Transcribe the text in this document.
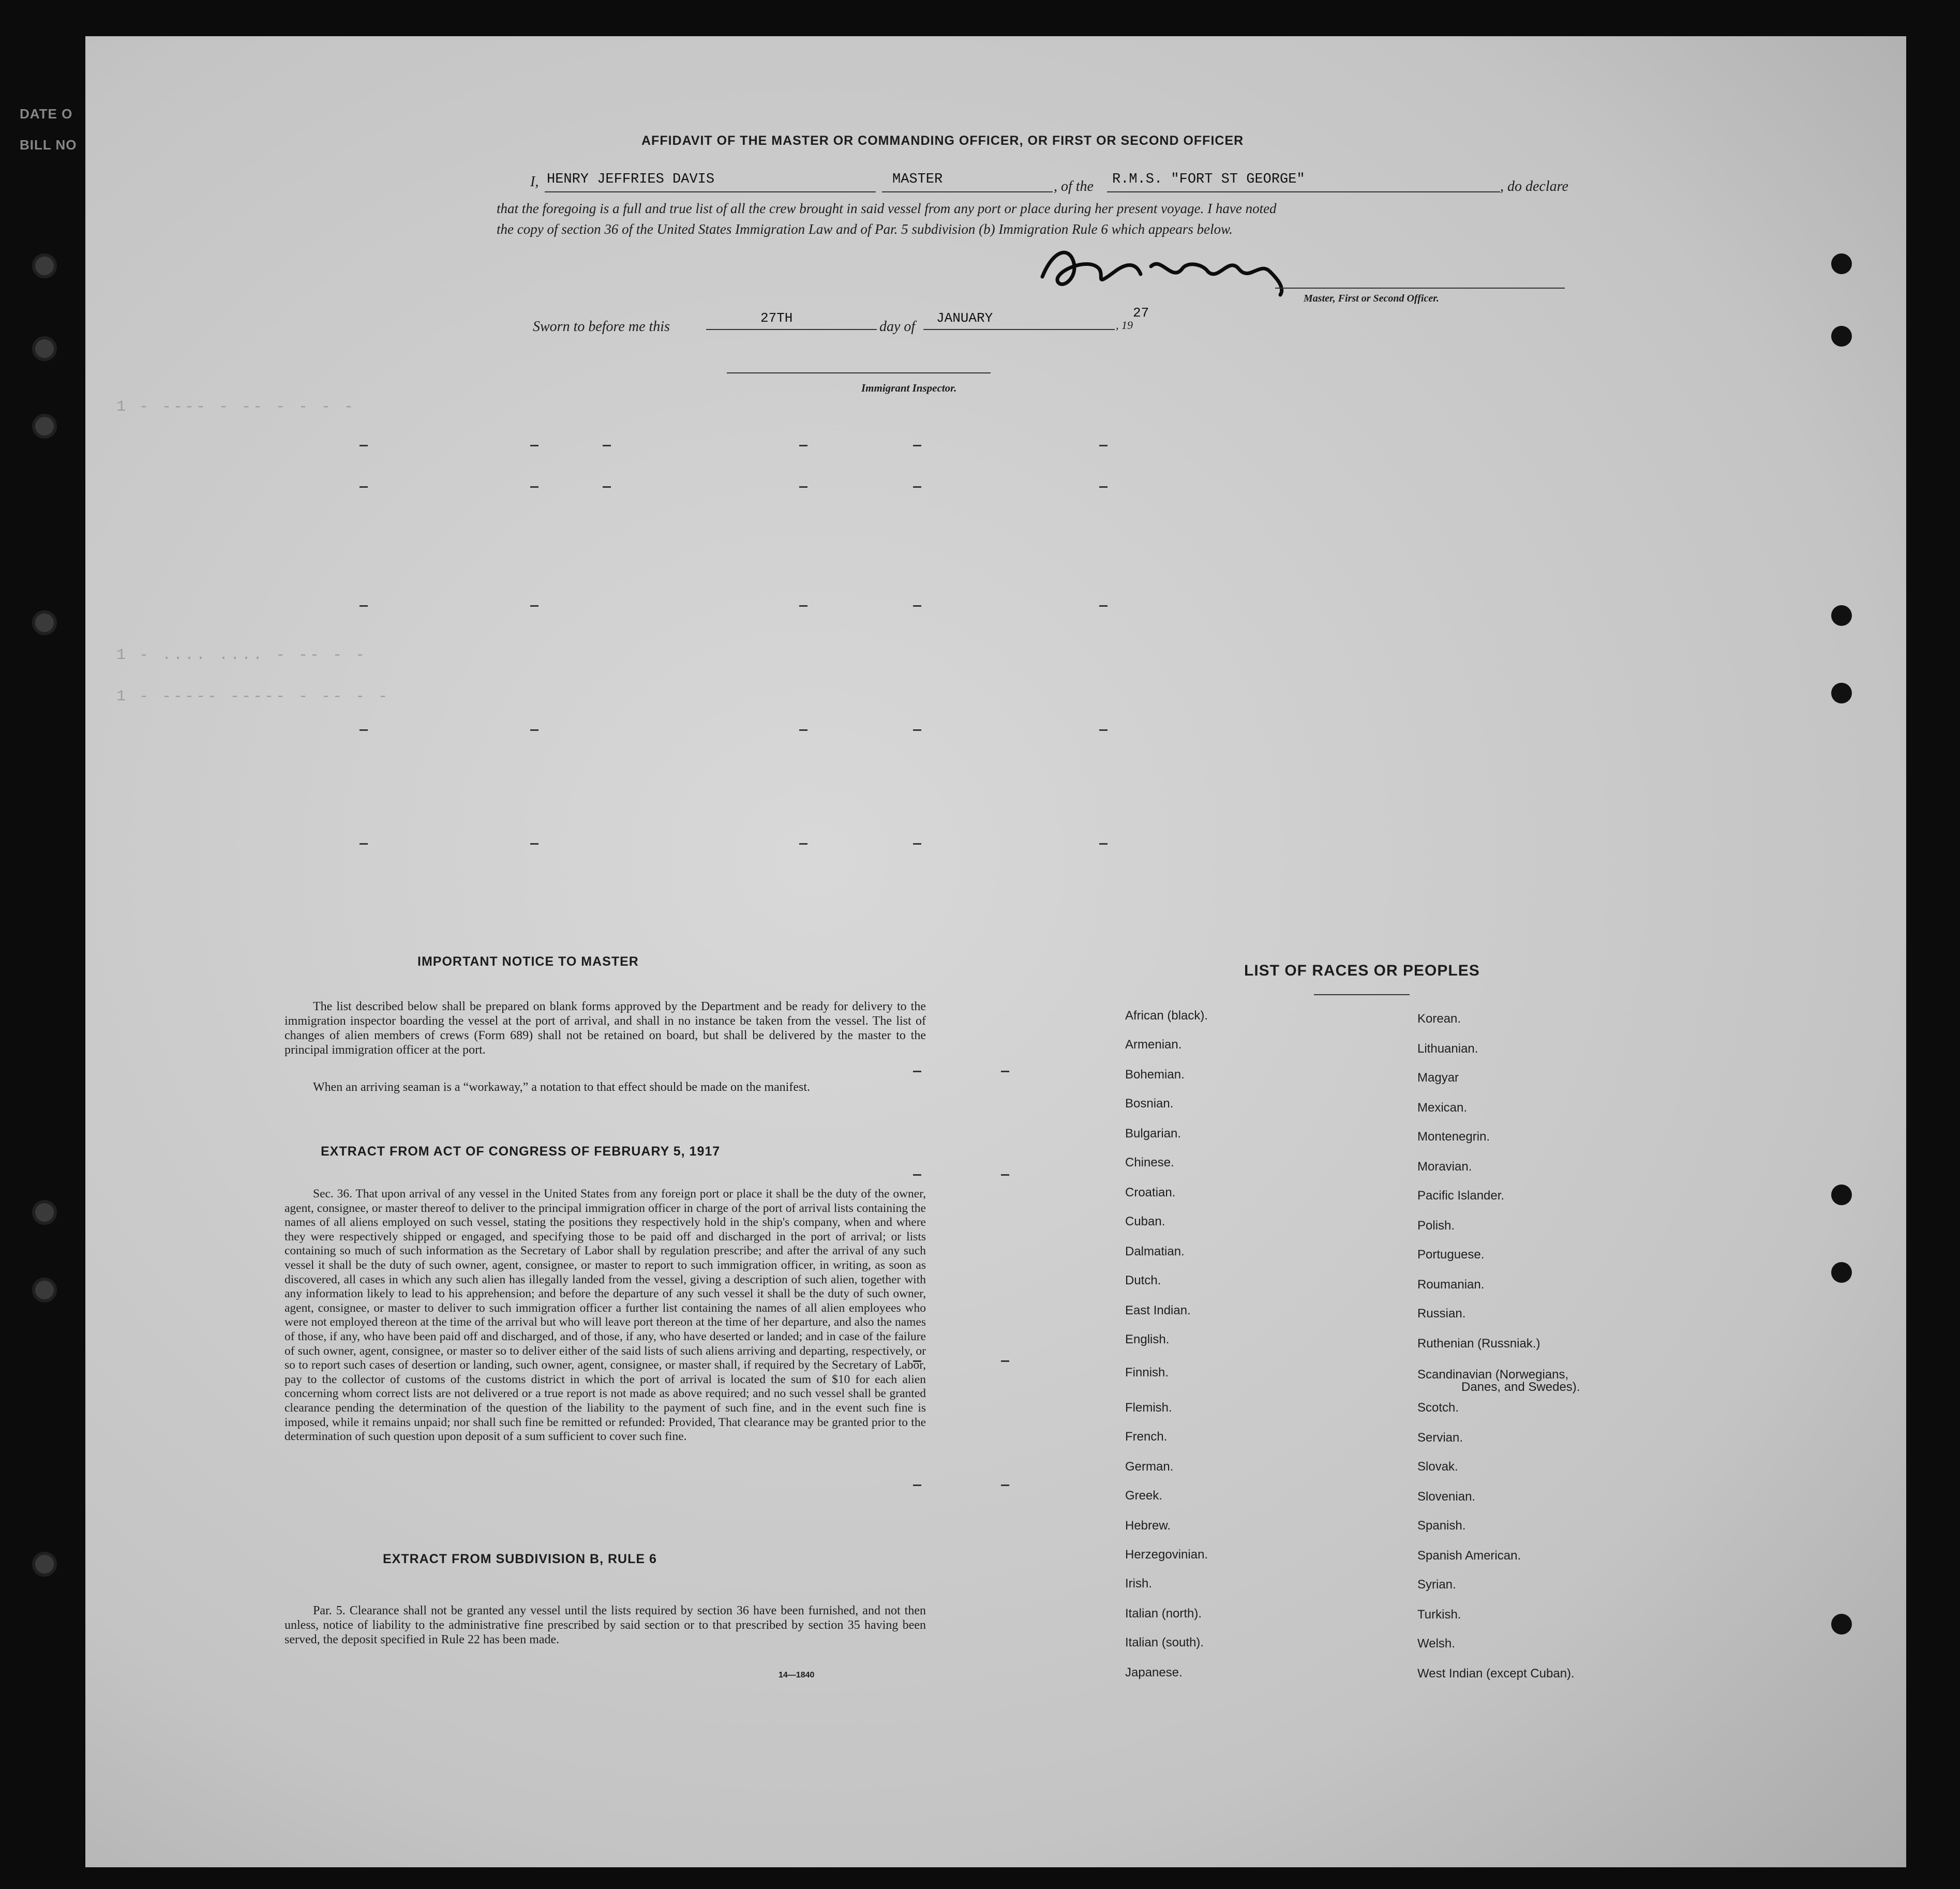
DATE O
BILL NO
1 - ---- - -- - - - -
1 - .... .... - -- - -
1 - ----- ----- - -- - -
AFFIDAVIT OF THE MASTER OR COMMANDING OFFICER, OR FIRST OR SECOND OFFICER
I, HENRY JEFFRIES DAVIS	MASTER	, of the R.M.S. "FORT ST GEORGE"	, do declare
that the foregoing is a full and true list of all the crew brought in said vessel from any port or place during her present voyage. I have noted
the copy of section 36 of the United States Immigration Law and of Par. 5 subdivision (b) Immigration Rule 6 which appears below.
Master, First or Second Officer.
Sworn to before me this
27TH
day of
JANUARY	, 19
27
Immigrant Inspector.
IMPORTANT NOTICE TO MASTER
The list described below shall be prepared on blank forms approved by the Department and be ready for delivery to the immigration inspector boarding the vessel at the port of arrival, and shall in no instance be taken from the vessel. The list of changes of alien members of crews (Form 689) shall not be retained on board, but shall be delivered by the master to the principal immigration officer at the port.
When an arriving seaman is a “workaway,” a notation to that effect should be made on the manifest.
EXTRACT FROM ACT OF CONGRESS OF FEBRUARY 5, 1917
Sec. 36. That upon arrival of any vessel in the United States from any foreign port or place it shall be the duty of the owner, agent, consignee, or master thereof to deliver to the principal immigration officer in charge of the port of arrival lists containing the names of all aliens employed on such vessel, stating the positions they respectively hold in the ship's company, when and where they were respectively shipped or engaged, and specifying those to be paid off and discharged in the port of arrival; or lists containing so much of such information as the Secretary of Labor shall by regulation prescribe; and after the arrival of any such vessel it shall be the duty of such owner, agent, consignee, or master to report to such immigration officer, in writing, as soon as discovered, all cases in which any such alien has illegally landed from the vessel, giving a description of such alien, together with any information likely to lead to his apprehension; and before the departure of any such vessel it shall be the duty of such owner, agent, consignee, or master to deliver to such immigration officer a further list containing the names of all alien employees who were not employed thereon at the time of the arrival but who will leave port thereon at the time of her departure, and also the names of those, if any, who have been paid off and discharged, and of those, if any, who have deserted or landed; and in case of the failure of such owner, agent, consignee, or master so to deliver either of the said lists of such aliens arriving and departing, respectively, or so to report such cases of desertion or landing, such owner, agent, consignee, or master shall, if required by the Secretary of Labor, pay to the collector of customs of the customs district in which the port of arrival is located the sum of $10 for each alien concerning whom correct lists are not delivered or a true report is not made as above required; and no such vessel shall be granted clearance pending the determination of the question of the liability to the payment of such fine, and in the event such fine is imposed, while it remains unpaid; nor shall such fine be remitted or refunded: Provided, That clearance may be granted prior to the determination of such question upon deposit of a sum sufficient to cover such fine.
EXTRACT FROM SUBDIVISION B, RULE 6
Par. 5. Clearance shall not be granted any vessel until the lists required by section 36 have been furnished, and not then unless, notice of liability to the administrative fine prescribed by said section or to that prescribed by section 35 having been served, the deposit specified in Rule 22 has been made.
14—1840
LIST OF RACES OR PEOPLES
African (black).
Armenian.
Bohemian.
Bosnian.
Bulgarian.
Chinese.
Croatian.
Cuban.
Dalmatian.
Dutch.
East Indian.
English.
Finnish.
Flemish.
French.
German.
Greek.
Hebrew.
Herzegovinian.
Irish.
Italian (north).
Italian (south).
Japanese.
Korean.
Lithuanian.
Magyar
Mexican.
Montenegrin.
Moravian.
Pacific Islander.
Polish.
Portuguese.
Roumanian.
Russian.
Ruthenian (Russniak.)
Scandinavian (Norwegians,
Scotch.
Servian.
Slovak.
Slovenian.
Spanish.
Spanish American.
Syrian.
Turkish.
Welsh.
West Indian (except Cuban).
Danes, and Swedes).
